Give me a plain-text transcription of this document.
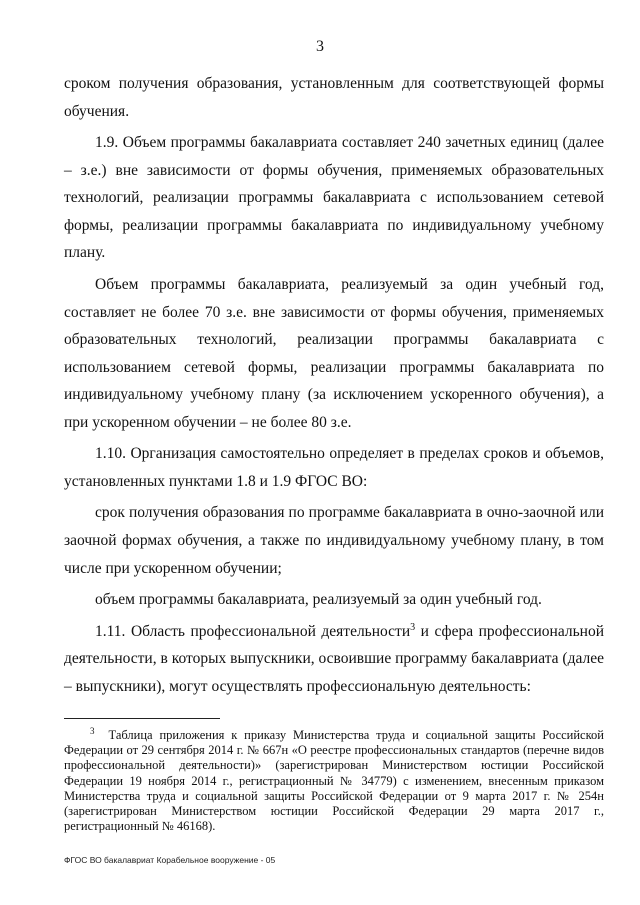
3

сроком получения образования, установленным для соответствующей формы обучения.

1.9. Объем программы бакалавриата составляет 240 зачетных единиц (далее – з.е.) вне зависимости от формы обучения, применяемых образовательных технологий, реализации программы бакалавриата с использованием сетевой формы, реализации программы бакалавриата по индивидуальному учебному плану.

Объем программы бакалавриата, реализуемый за один учебный год, составляет не более 70 з.е. вне зависимости от формы обучения, применяемых образовательных технологий, реализации программы бакалавриата с использованием сетевой формы, реализации программы бакалавриата по индивидуальному учебному плану (за исключением ускоренного обучения), а при ускоренном обучении – не более 80 з.е.

1.10. Организация самостоятельно определяет в пределах сроков и объемов, установленных пунктами 1.8 и 1.9 ФГОС ВО:

срок получения образования по программе бакалавриата в очно-заочной или заочной формах обучения, а также по индивидуальному учебному плану, в том числе при ускоренном обучении;

объем программы бакалавриата, реализуемый за один учебный год.

1.11. Область профессиональной деятельности$^3$ и сфера профессиональной деятельности, в которых выпускники, освоившие программу бакалавриата (далее – выпускники), могут осуществлять профессиональную деятельность:

$^3$ Таблица приложения к приказу Министерства труда и социальной защиты Российской Федерации от 29 сентября 2014 г. № 667н «О реестре профессиональных стандартов (перечне видов профессиональной деятельности)» (зарегистрирован Министерством юстиции Российской Федерации 19 ноября 2014 г., регистрационный № 34779) с изменением, внесенным приказом Министерства труда и социальной защиты Российской Федерации от 9 марта 2017 г. № 254н (зарегистрирован Министерством юстиции Российской Федерации 29 марта 2017 г., регистрационный № 46168).
ФГОС ВО бакалавриат Корабельное вооружение - 05
